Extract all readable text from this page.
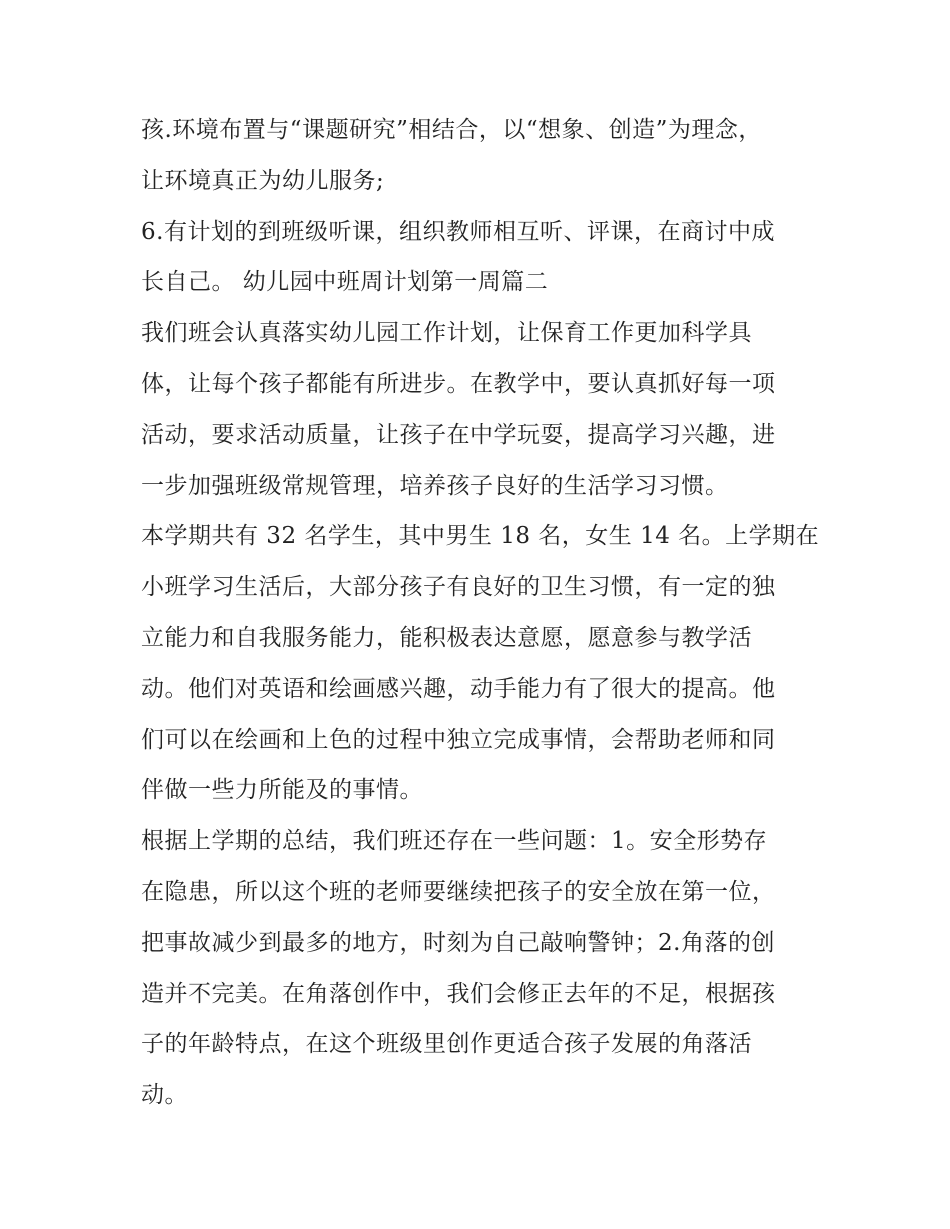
孩.环境布置与“课题研究”相结合，以“想象、创造”为理念，
让环境真正为幼儿服务;
6.有计划的到班级听课，组织教师相互听、评课，在商讨中成
长自己。 幼儿园中班周计划第一周篇二
我们班会认真落实幼儿园工作计划，让保育工作更加科学具
体，让每个孩子都能有所进步。在教学中，要认真抓好每一项
活动，要求活动质量，让孩子在中学玩耍，提高学习兴趣，进
一步加强班级常规管理，培养孩子良好的生活学习习惯。
本学期共有 32 名学生，其中男生 18 名，女生 14 名。上学期在
小班学习生活后，大部分孩子有良好的卫生习惯，有一定的独
立能力和自我服务能力，能积极表达意愿，愿意参与教学活
动。他们对英语和绘画感兴趣，动手能力有了很大的提高。他
们可以在绘画和上色的过程中独立完成事情，会帮助老师和同
伴做一些力所能及的事情。
根据上学期的总结，我们班还存在一些问题：1。安全形势存
在隐患，所以这个班的老师要继续把孩子的安全放在第一位，
把事故减少到最多的地方，时刻为自己敲响警钟；2.角落的创
造并不完美。在角落创作中，我们会修正去年的不足，根据孩
子的年龄特点，在这个班级里创作更适合孩子发展的角落活
动。
